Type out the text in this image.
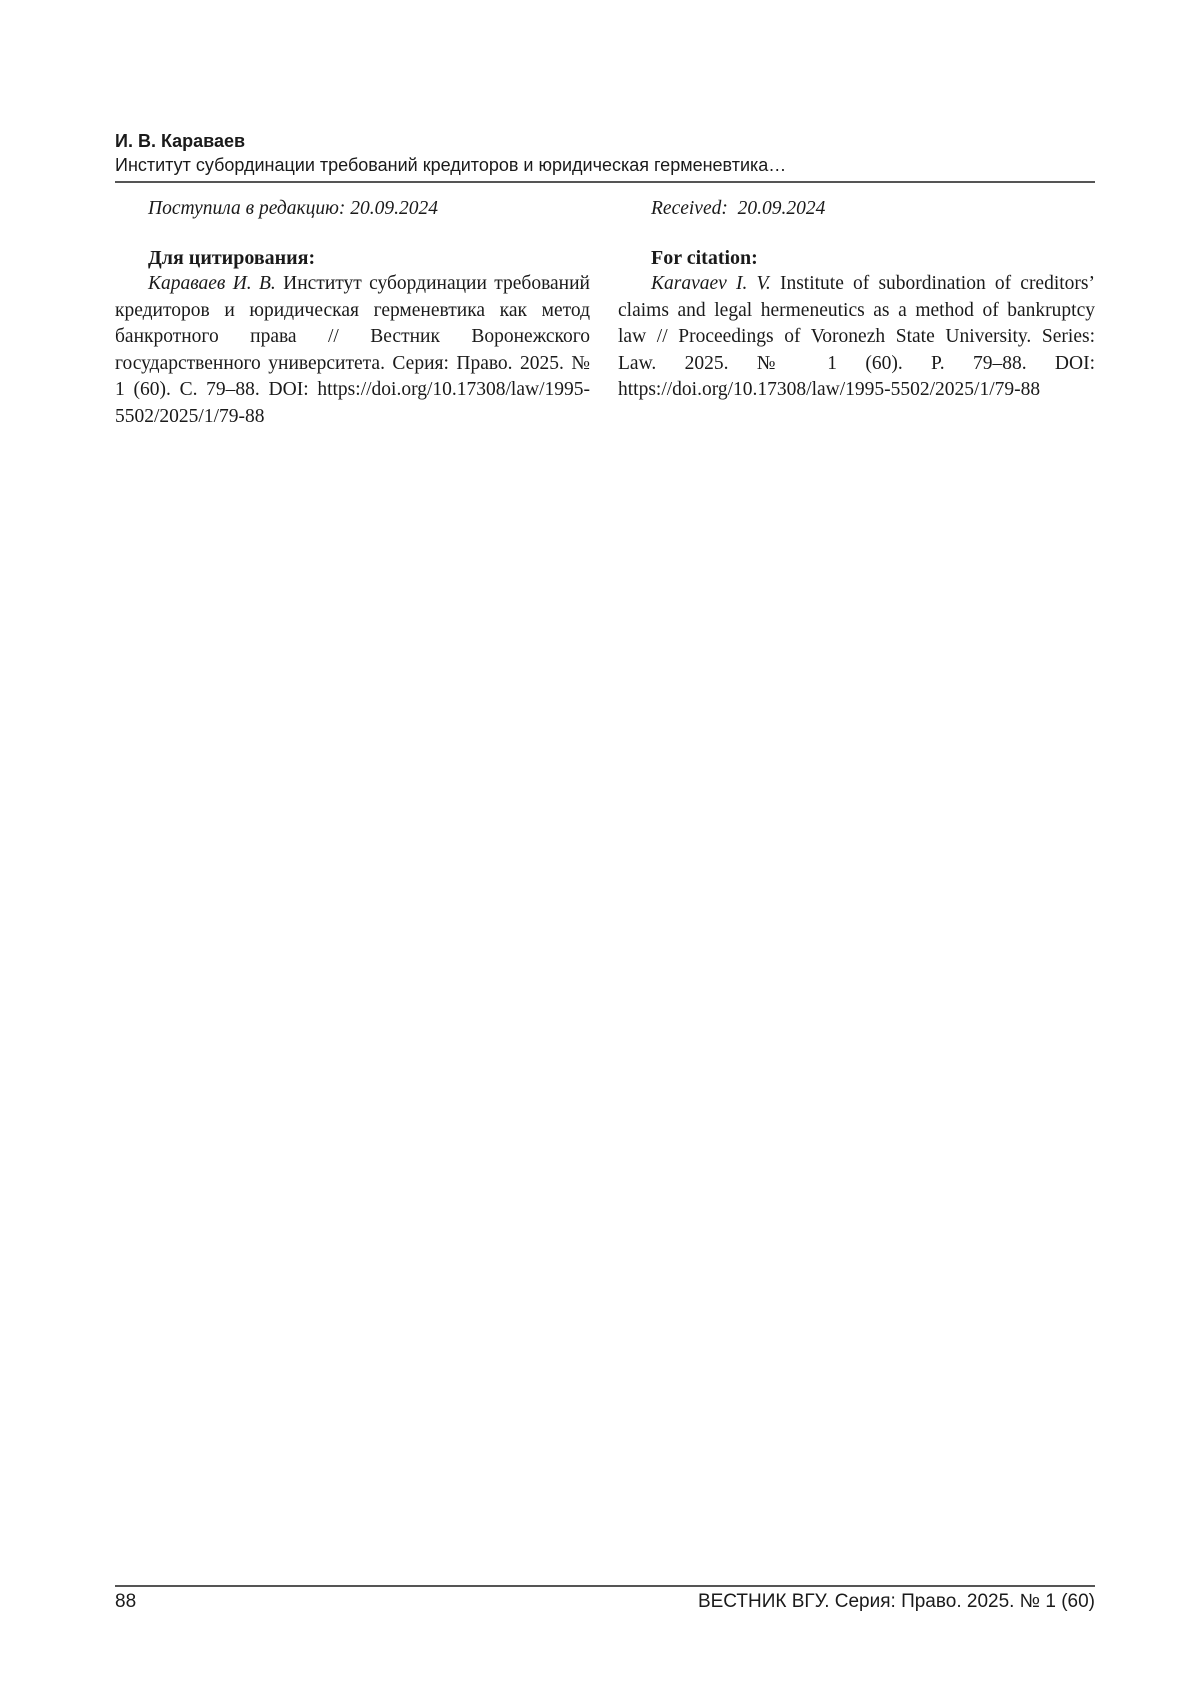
И. В. Караваев
Институт субординации требований кредиторов и юридическая герменевтика…
Поступила в редакцию: 20.09.2024
Для цитирования:
Караваев И. В. Институт субординации требований кредиторов и юридическая герменевтика как метод банкротного права // Вестник Воронежского государственного университета. Серия: Право. 2025. № 1 (60). С. 79–88. DOI: https://doi.org/10.17308/law/1995-5502/2025/1/79-88
Received:  20.09.2024
For citation:
Karavaev I. V. Institute of subordination of creditors’ claims and legal hermeneutics as a method of bankruptcy law // Proceedings of Voronezh State University. Series: Law. 2025. № 1 (60). P. 79–88. DOI: https://doi.org/10.17308/law/1995-5502/2025/1/79-88
88	ВЕСТНИК ВГУ. Серия: Право. 2025. № 1 (60)
